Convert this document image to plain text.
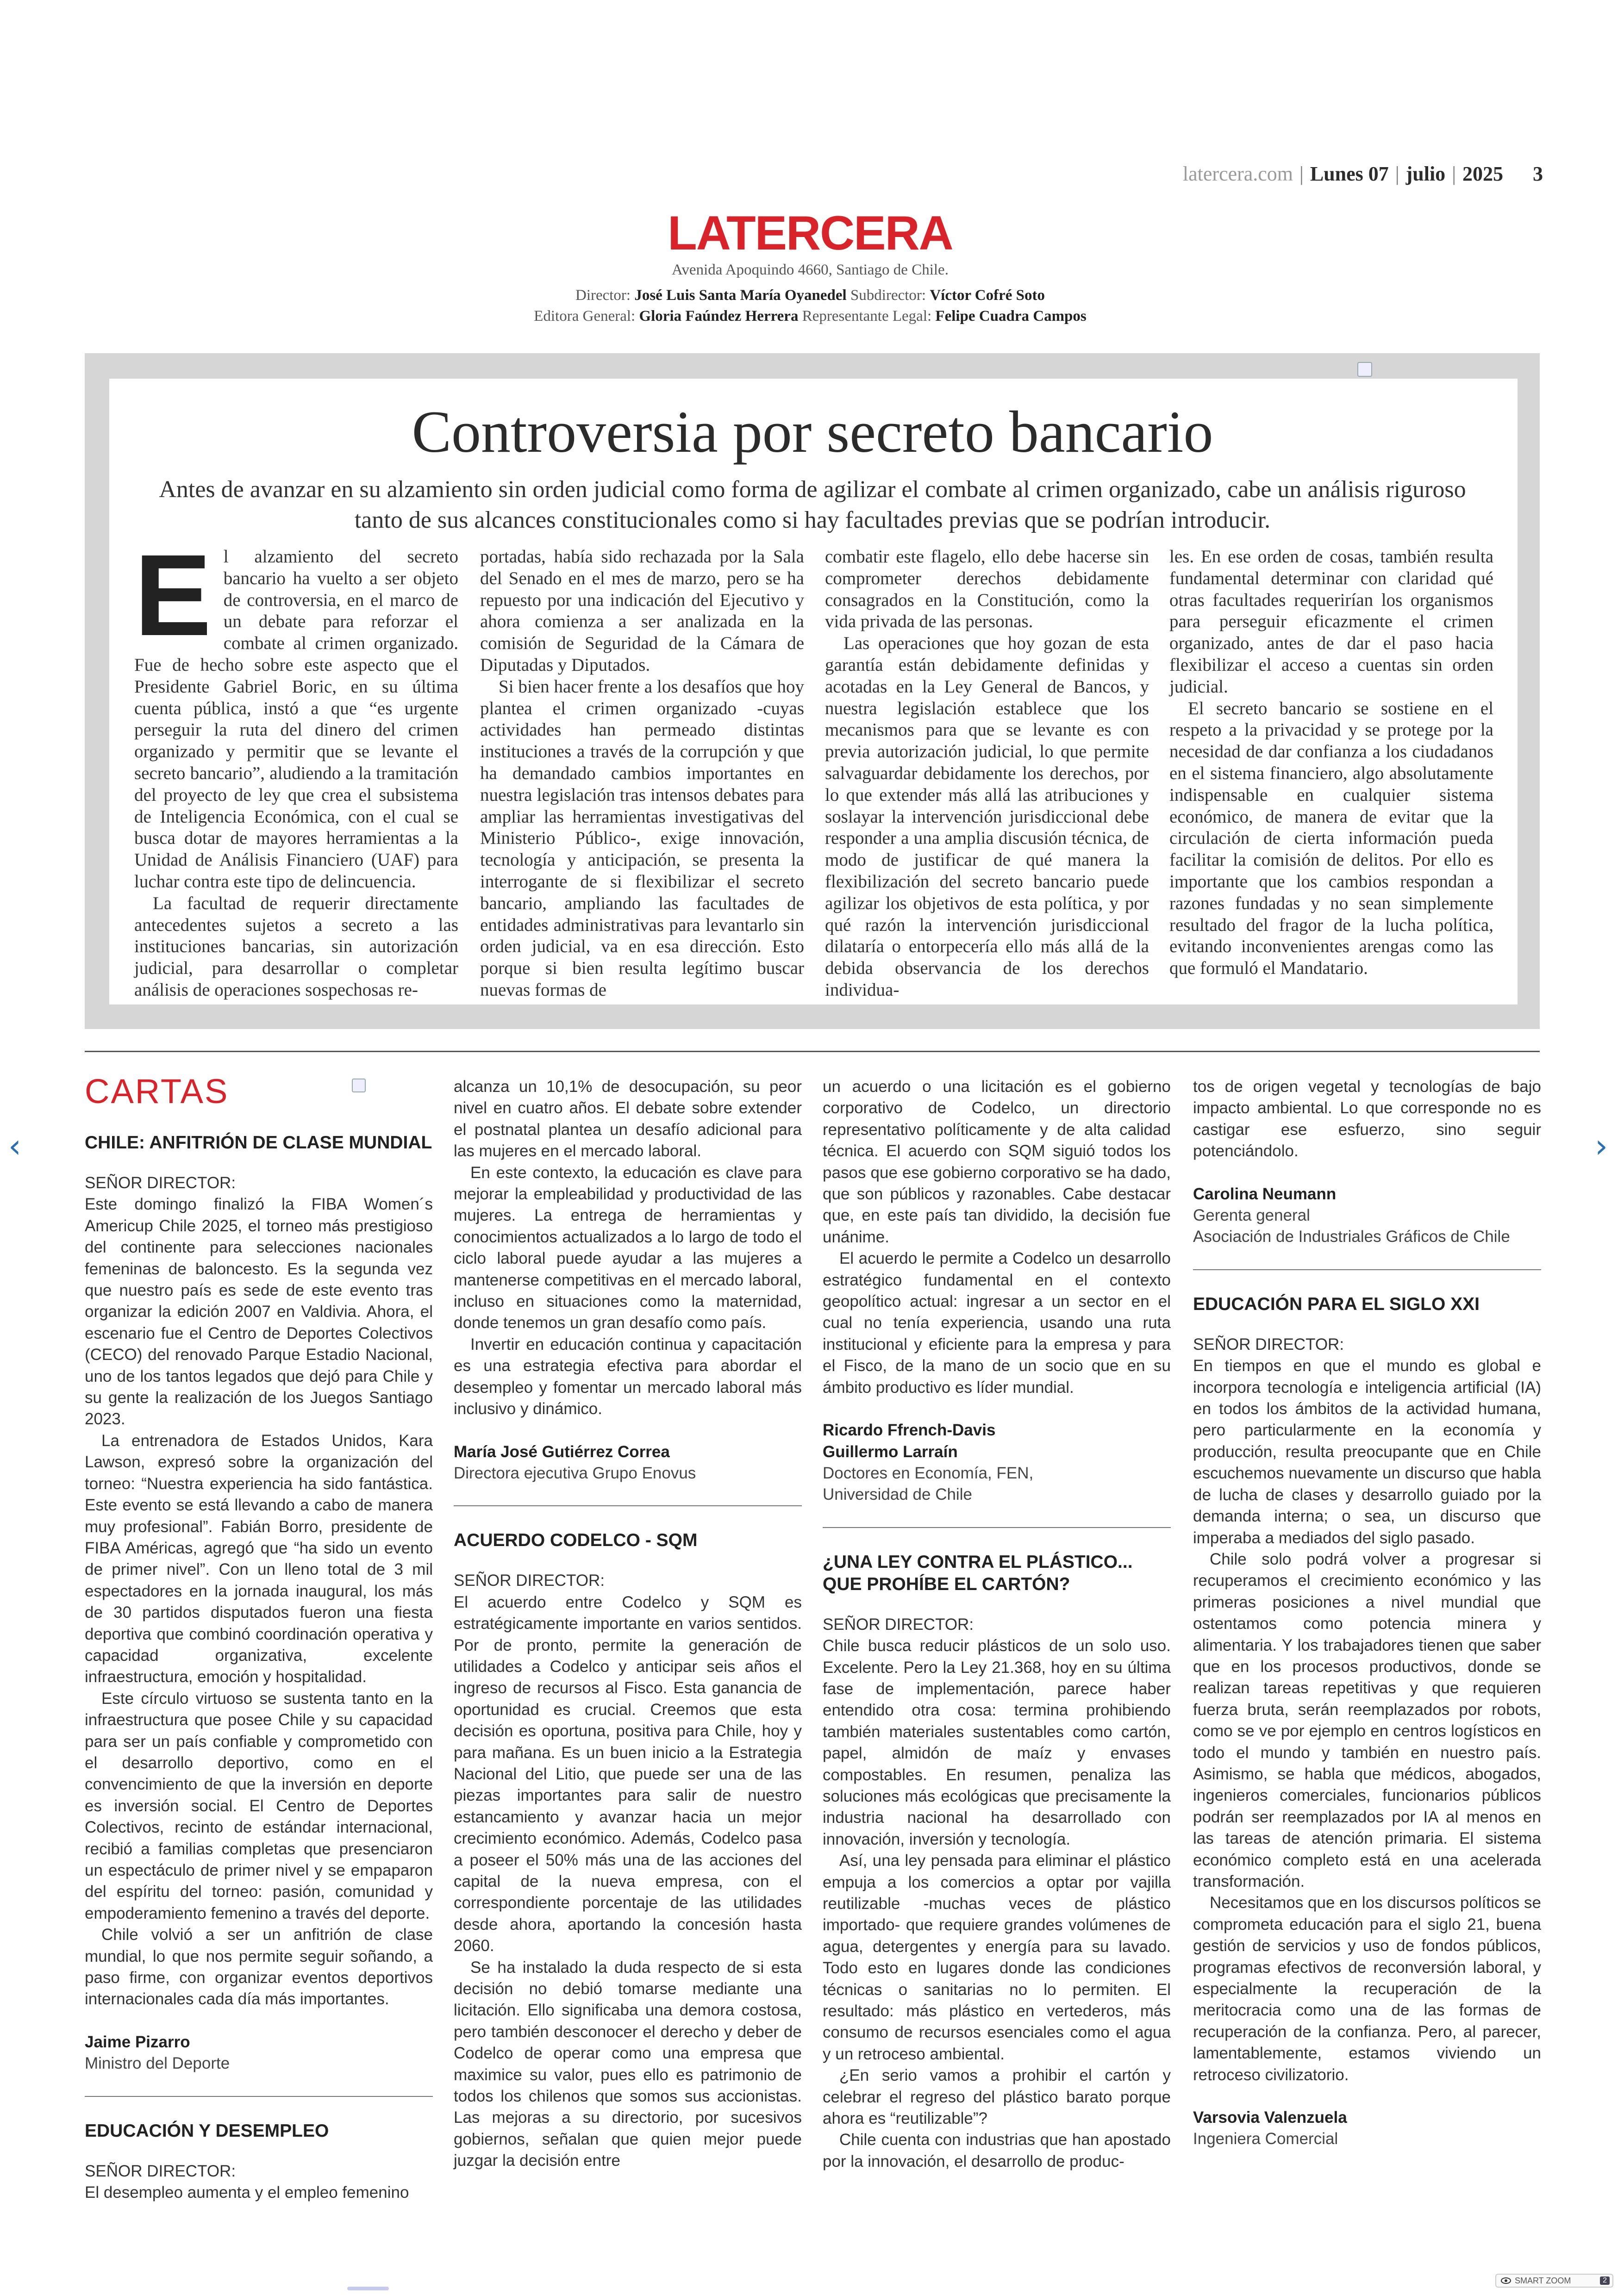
latercera.com | Lunes 07 | julio | 2025 3
LATERCERA
Avenida Apoquindo 4660, Santiago de Chile.
Director: José Luis Santa María Oyanedel Subdirector: Víctor Cofré Soto
Editora General: Gloria Faúndez Herrera Representante Legal: Felipe Cuadra Campos
Controversia por secreto bancario
Antes de avanzar en su alzamiento sin orden judicial como forma de agilizar el combate al crimen organizado, cabe un análisis riguroso tanto de sus alcances constitucionales como si hay facultades previas que se podrían introducir.
E l alzamiento del secreto bancario ha vuelto a ser objeto de controversia, en el marco de un debate para reforzar el combate al crimen organizado. Fue de hecho sobre este aspecto que el Presidente Gabriel Boric, en su última cuenta pública, instó a que “es urgente perseguir la ruta del dinero del crimen organizado y permitir que se levante el secreto bancario”, aludiendo a la tramitación del proyecto de ley que crea el subsistema de Inteligencia Económica, con el cual se busca dotar de mayores herramientas a la Unidad de Análisis Financiero (UAF) para luchar contra este tipo de delincuencia.

La facultad de requerir directamente antecedentes sujetos a secreto a las instituciones bancarias, sin autorización judicial, para desarrollar o completar análisis de operaciones sospechosas re-

portadas, había sido rechazada por la Sala del Senado en el mes de marzo, pero se ha repuesto por una indicación del Ejecutivo y ahora comienza a ser analizada en la comisión de Seguridad de la Cámara de Diputadas y Diputados.

Si bien hacer frente a los desafíos que hoy plantea el crimen organizado -cuyas actividades han permeado distintas instituciones a través de la corrupción y que ha demandado cambios importantes en nuestra legislación tras intensos debates para ampliar las herramientas investigativas del Ministerio Público-, exige innovación, tecnología y anticipación, se presenta la interrogante de si flexibilizar el secreto bancario, ampliando las facultades de entidades administrativas para levantarlo sin orden judicial, va en esa dirección. Esto porque si bien resulta legítimo buscar nuevas formas de

combatir este flagelo, ello debe hacerse sin comprometer derechos debidamente consagrados en la Constitución, como la vida privada de las personas.

Las operaciones que hoy gozan de esta garantía están debidamente definidas y acotadas en la Ley General de Bancos, y nuestra legislación establece que los mecanismos para que se levante es con previa autorización judicial, lo que permite salvaguardar debidamente los derechos, por lo que extender más allá las atribuciones y soslayar la intervención jurisdiccional debe responder a una amplia discusión técnica, de modo de justificar de qué manera la flexibilización del secreto bancario puede agilizar los objetivos de esta política, y por qué razón la intervención jurisdiccional dilataría o entorpecería ello más allá de la debida observancia de los derechos individua-

les. En ese orden de cosas, también resulta fundamental determinar con claridad qué otras facultades requerirían los organismos para perseguir eficazmente el crimen organizado, antes de dar el paso hacia flexibilizar el acceso a cuentas sin orden judicial.

El secreto bancario se sostiene en el respeto a la privacidad y se protege por la necesidad de dar confianza a los ciudadanos en el sistema financiero, algo absolutamente indispensable en cualquier sistema económico, de manera de evitar que la circulación de cierta información pueda facilitar la comisión de delitos. Por ello es importante que los cambios respondan a razones fundadas y no sean simplemente resultado del fragor de la lucha política, evitando inconvenientes arengas como las que formuló el Mandatario.

CARTAS
CHILE: ANFITRIÓN DE CLASE MUNDIAL

SEÑOR DIRECTOR:

Este domingo finalizó la FIBA Women´s Americup Chile 2025, el torneo más prestigioso del continente para selecciones nacionales femeninas de baloncesto. Es la segunda vez que nuestro país es sede de este evento tras organizar la edición 2007 en Valdivia. Ahora, el escenario fue el Centro de Deportes Colectivos (CECO) del renovado Parque Estadio Nacional, uno de los tantos legados que dejó para Chile y su gente la realización de los Juegos Santiago 2023.

La entrenadora de Estados Unidos, Kara Lawson, expresó sobre la organización del torneo: “Nuestra experiencia ha sido fantástica. Este evento se está llevando a cabo de manera muy profesional”. Fabián Borro, presidente de FIBA Américas, agregó que “ha sido un evento de primer nivel”. Con un lleno total de 3 mil espectadores en la jornada inaugural, los más de 30 partidos disputados fueron una fiesta deportiva que combinó coordinación operativa y capacidad organizativa, excelente infraestructura, emoción y hospitalidad.

Este círculo virtuoso se sustenta tanto en la infraestructura que posee Chile y su capacidad para ser un país confiable y comprometido con el desarrollo deportivo, como en el convencimiento de que la inversión en deporte es inversión social. El Centro de Deportes Colectivos, recinto de estándar internacional, recibió a familias completas que presenciaron un espectáculo de primer nivel y se empaparon del espíritu del torneo: pasión, comunidad y empoderamiento femenino a través del deporte.

Chile volvió a ser un anfitrión de clase mundial, lo que nos permite seguir soñando, a paso firme, con organizar eventos deportivos internacionales cada día más importantes.

Jaime Pizarro
Ministro del Deporte
EDUCACIÓN Y DESEMPLEO

SEÑOR DIRECTOR:

El desempleo aumenta y el empleo femenino

alcanza un 10,1% de desocupación, su peor nivel en cuatro años. El debate sobre extender el postnatal plantea un desafío adicional para las mujeres en el mercado laboral.

En este contexto, la educación es clave para mejorar la empleabilidad y productividad de las mujeres. La entrega de herramientas y conocimientos actualizados a lo largo de todo el ciclo laboral puede ayudar a las mujeres a mantenerse competitivas en el mercado laboral, incluso en situaciones como la maternidad, donde tenemos un gran desafío como país.

Invertir en educación continua y capacitación es una estrategia efectiva para abordar el desempleo y fomentar un mercado laboral más inclusivo y dinámico.

María José Gutiérrez Correa
Directora ejecutiva Grupo Enovus
ACUERDO CODELCO - SQM

SEÑOR DIRECTOR:

El acuerdo entre Codelco y SQM es estratégicamente importante en varios sentidos. Por de pronto, permite la generación de utilidades a Codelco y anticipar seis años el ingreso de recursos al Fisco. Esta ganancia de oportunidad es crucial. Creemos que esta decisión es oportuna, positiva para Chile, hoy y para mañana. Es un buen inicio a la Estrategia Nacional del Litio, que puede ser una de las piezas importantes para salir de nuestro estancamiento y avanzar hacia un mejor crecimiento económico. Además, Codelco pasa a poseer el 50% más una de las acciones del capital de la nueva empresa, con el correspondiente porcentaje de las utilidades desde ahora, aportando la concesión hasta 2060.

Se ha instalado la duda respecto de si esta decisión no debió tomarse mediante una licitación. Ello significaba una demora costosa, pero también desconocer el derecho y deber de Codelco de operar como una empresa que maximice su valor, pues ello es patrimonio de todos los chilenos que somos sus accionistas. Las mejoras a su directorio, por sucesivos gobiernos, señalan que quien mejor puede juzgar la decisión entre

un acuerdo o una licitación es el gobierno corporativo de Codelco, un directorio representativo políticamente y de alta calidad técnica. El acuerdo con SQM siguió todos los pasos que ese gobierno corporativo se ha dado, que son públicos y razonables. Cabe destacar que, en este país tan dividido, la decisión fue unánime.

El acuerdo le permite a Codelco un desarrollo estratégico fundamental en el contexto geopolítico actual: ingresar a un sector en el cual no tenía experiencia, usando una ruta institucional y eficiente para la empresa y para el Fisco, de la mano de un socio que en su ámbito productivo es líder mundial.

Ricardo Ffrench-Davis
Guillermo Larraín
Doctores en Economía, FEN,
Universidad de Chile
¿UNA LEY CONTRA EL PLÁSTICO... QUE PROHÍBE EL CARTÓN?

SEÑOR DIRECTOR:

Chile busca reducir plásticos de un solo uso. Excelente. Pero la Ley 21.368, hoy en su última fase de implementación, parece haber entendido otra cosa: termina prohibiendo también materiales sustentables como cartón, papel, almidón de maíz y envases compostables. En resumen, penaliza las soluciones más ecológicas que precisamente la industria nacional ha desarrollado con innovación, inversión y tecnología.

Así, una ley pensada para eliminar el plástico empuja a los comercios a optar por vajilla reutilizable -muchas veces de plástico importado- que requiere grandes volúmenes de agua, detergentes y energía para su lavado. Todo esto en lugares donde las condiciones técnicas o sanitarias no lo permiten. El resultado: más plástico en vertederos, más consumo de recursos esenciales como el agua y un retroceso ambiental.

¿En serio vamos a prohibir el cartón y celebrar el regreso del plástico barato porque ahora es “reutilizable”?

Chile cuenta con industrias que han apostado por la innovación, el desarrollo de produc-

tos de origen vegetal y tecnologías de bajo impacto ambiental. Lo que corresponde no es castigar ese esfuerzo, sino seguir potenciándolo.

Carolina Neumann
Gerenta general
Asociación de Industriales Gráficos de Chile
EDUCACIÓN PARA EL SIGLO XXI

SEÑOR DIRECTOR:

En tiempos en que el mundo es global e incorpora tecnología e inteligencia artificial (IA) en todos los ámbitos de la actividad humana, pero particularmente en la economía y producción, resulta preocupante que en Chile escuchemos nuevamente un discurso que habla de lucha de clases y desarrollo guiado por la demanda interna; o sea, un discurso que imperaba a mediados del siglo pasado.

Chile solo podrá volver a progresar si recuperamos el crecimiento económico y las primeras posiciones a nivel mundial que ostentamos como potencia minera y alimentaria. Y los trabajadores tienen que saber que en los procesos productivos, donde se realizan tareas repetitivas y que requieren fuerza bruta, serán reemplazados por robots, como se ve por ejemplo en centros logísticos en todo el mundo y también en nuestro país. Asimismo, se habla que médicos, abogados, ingenieros comerciales, funcionarios públicos podrán ser reemplazados por IA al menos en las tareas de atención primaria. El sistema económico completo está en una acelerada transformación.

Necesitamos que en los discursos políticos se comprometa educación para el siglo 21, buena gestión de servicios y uso de fondos públicos, programas efectivos de reconversión laboral, y especialmente la recuperación de la meritocracia como una de las formas de recuperación de la confianza. Pero, al parecer, lamentablemente, estamos viviendo un retroceso civilizatorio.

Varsovia Valenzuela
Ingeniera Comercial
‹	›
SMART ZOOM	2
